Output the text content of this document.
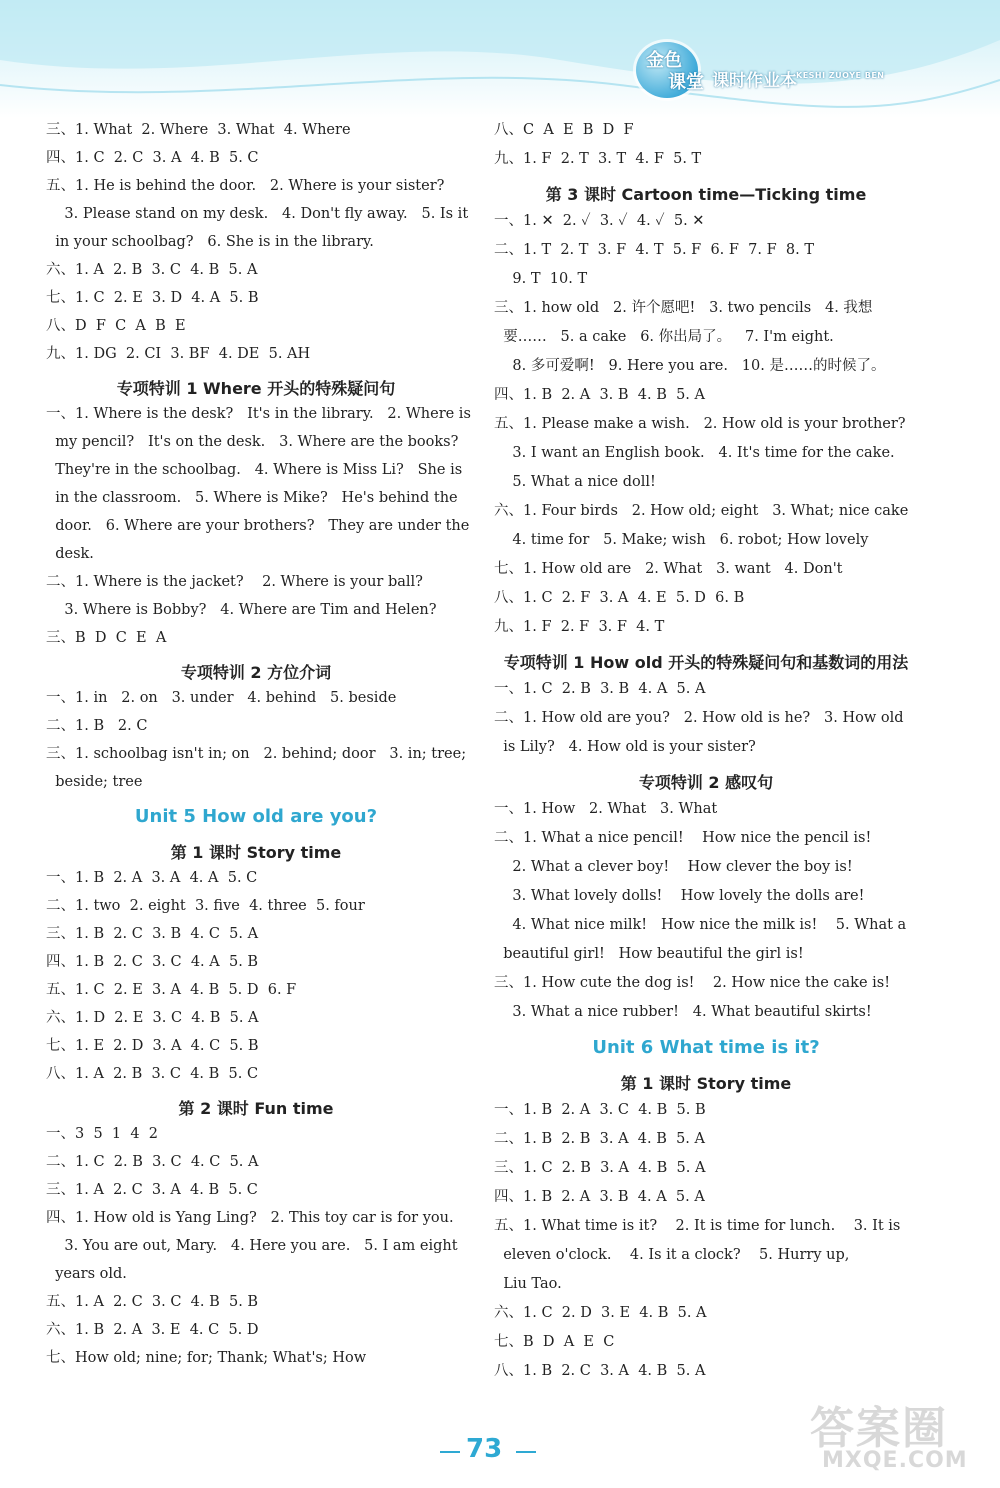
金色
课堂 课时作业本 KESHI ZUOYE BEN
三、1. What  2. Where  3. What  4. Where
四、1. C  2. C  3. A  4. B  5. C
五、1. He is behind the door.   2. Where is your sister?
3. Please stand on my desk.   4. Don't fly away.   5. Is it
in your schoolbag?   6. She is in the library.
六、1. A  2. B  3. C  4. B  5. A
七、1. C  2. E  3. D  4. A  5. B
八、D  F  C  A  B  E
九、1. DG  2. CI  3. BF  4. DE  5. AH
专项特训 1 Where 开头的特殊疑问句
一、1. Where is the desk?   It's in the library.   2. Where is
my pencil?   It's on the desk.   3. Where are the books?
They're in the schoolbag.   4. Where is Miss Li?   She is
in the classroom.   5. Where is Mike?   He's behind the
door.   6. Where are your brothers?   They are under the
desk.
二、1. Where is the jacket?    2. Where is your ball?
3. Where is Bobby?   4. Where are Tim and Helen?
三、B  D  C  E  A
专项特训 2 方位介词
一、1. in   2. on   3. under   4. behind   5. beside
二、1. B   2. C
三、1. schoolbag isn't in; on   2. behind; door   3. in; tree;
beside; tree
Unit 5 How old are you?
第 1 课时 Story time
一、1. B  2. A  3. A  4. A  5. C
二、1. two  2. eight  3. five  4. three  5. four
三、1. B  2. C  3. B  4. C  5. A
四、1. B  2. C  3. C  4. A  5. B
五、1. C  2. E  3. A  4. B  5. D  6. F
六、1. D  2. E  3. C  4. B  5. A
七、1. E  2. D  3. A  4. C  5. B
八、1. A  2. B  3. C  4. B  5. C
第 2 课时 Fun time
一、3  5  1  4  2
二、1. C  2. B  3. C  4. C  5. A
三、1. A  2. C  3. A  4. B  5. C
四、1. How old is Yang Ling?   2. This toy car is for you.
3. You are out, Mary.   4. Here you are.   5. I am eight
years old.
五、1. A  2. C  3. C  4. B  5. B
六、1. B  2. A  3. E  4. C  5. D
七、How old; nine; for; Thank; What's; How
八、C  A  E  B  D  F
九、1. F  2. T  3. T  4. F  5. T
第 3 课时 Cartoon time—Ticking time
一、1. ✕  2. ✓  3. ✓  4. ✓  5. ✕
二、1. T  2. T  3. F  4. T  5. F  6. F  7. F  8. T
9. T  10. T
三、1. how old   2. 许个愿吧!   3. two pencils   4. 我想
要……   5. a cake   6. 你出局了。   7. I'm eight.
8. 多可爱啊!   9. Here you are.   10. 是……的时候了。
四、1. B  2. A  3. B  4. B  5. A
五、1. Please make a wish.   2. How old is your brother?
3. I want an English book.   4. It's time for the cake.
5. What a nice doll!
六、1. Four birds   2. How old; eight   3. What; nice cake
4. time for   5. Make; wish   6. robot; How lovely
七、1. How old are   2. What   3. want   4. Don't
八、1. C  2. F  3. A  4. E  5. D  6. B
九、1. F  2. F  3. F  4. T
专项特训 1 How old 开头的特殊疑问句和基数词的用法
一、1. C  2. B  3. B  4. A  5. A
二、1. How old are you?   2. How old is he?   3. How old
is Lily?   4. How old is your sister?
专项特训 2 感叹句
一、1. How   2. What   3. What
二、1. What a nice pencil!    How nice the pencil is!
2. What a clever boy!    How clever the boy is!
3. What lovely dolls!    How lovely the dolls are!
4. What nice milk!   How nice the milk is!    5. What a
beautiful girl!   How beautiful the girl is!
三、1. How cute the dog is!    2. How nice the cake is!
3. What a nice rubber!   4. What beautiful skirts!
Unit 6 What time is it?
第 1 课时 Story time
一、1. B  2. A  3. C  4. B  5. B
二、1. B  2. B  3. A  4. B  5. A
三、1. C  2. B  3. A  4. B  5. A
四、1. B  2. A  3. B  4. A  5. A
五、1. What time is it?    2. It is time for lunch.    3. It is
eleven o'clock.    4. Is it a clock?    5. Hurry up,
Liu Tao.
六、1. C  2. D  3. E  4. B  5. A
七、B  D  A  E  C
八、1. B  2. C  3. A  4. B  5. A
73	答案圈
MXQE.COM
